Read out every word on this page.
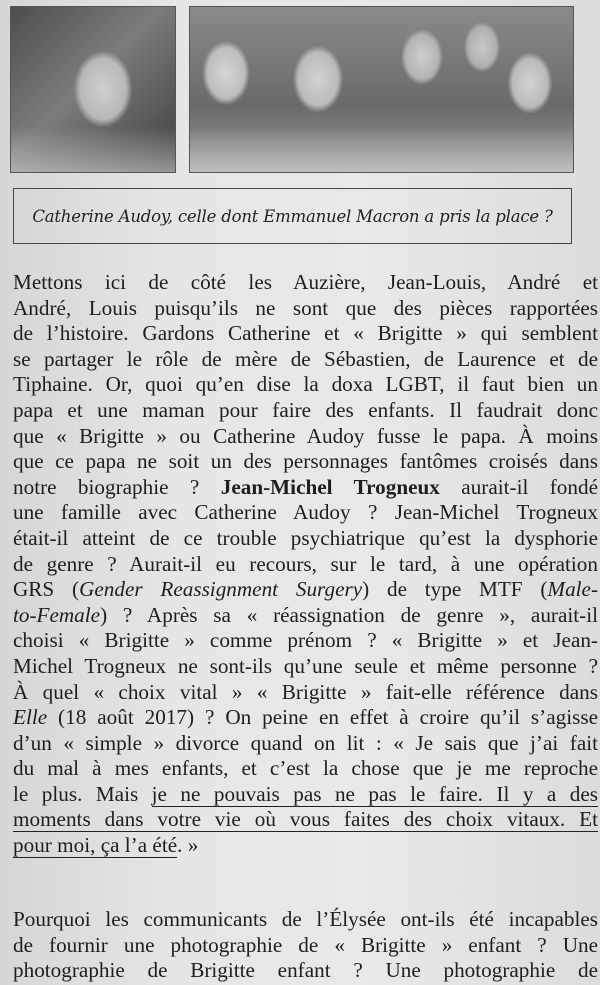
Catherine Audoy, celle dont Emmanuel Macron a pris la place ?
Mettons ici de côté les Auzière, Jean-Louis, André et
André, Louis puisqu’ils ne sont que des pièces rapportées
de l’histoire. Gardons Catherine et « Brigitte » qui semblent
se partager le rôle de mère de Sébastien, de Laurence et de
Tiphaine. Or, quoi qu’en dise la doxa LGBT, il faut bien un
papa et une maman pour faire des enfants. Il faudrait donc
que « Brigitte » ou Catherine Audoy fusse le papa. À moins
que ce papa ne soit un des personnages fantômes croisés dans
notre biographie ? Jean-Michel Trogneux aurait-il fondé
une famille avec Catherine Audoy ? Jean-Michel Trogneux
était-il atteint de ce trouble psychiatrique qu’est la dysphorie
de genre ? Aurait-il eu recours, sur le tard, à une opération
GRS (Gender Reassignment Surgery) de type MTF (Male-
to-Female) ? Après sa « réassignation de genre », aurait-il
choisi « Brigitte » comme prénom ? « Brigitte » et Jean-
Michel Trogneux ne sont-ils qu’une seule et même personne ?
À quel « choix vital » « Brigitte » fait-elle référence dans
Elle (18 août 2017) ? On peine en effet à croire qu’il s’agisse
d’un « simple » divorce quand on lit : « Je sais que j’ai fait
du mal à mes enfants, et c’est la chose que je me reproche
le plus. Mais je ne pouvais pas ne pas le faire. Il y a des
moments dans votre vie où vous faites des choix vitaux. Et
pour moi, ça l’a été. »
Pourquoi les communicants de l’Élysée ont-ils été incapables
de fournir une photographie de « Brigitte » enfant ? Une
photographie de Brigitte enfant ? Une photographie de
